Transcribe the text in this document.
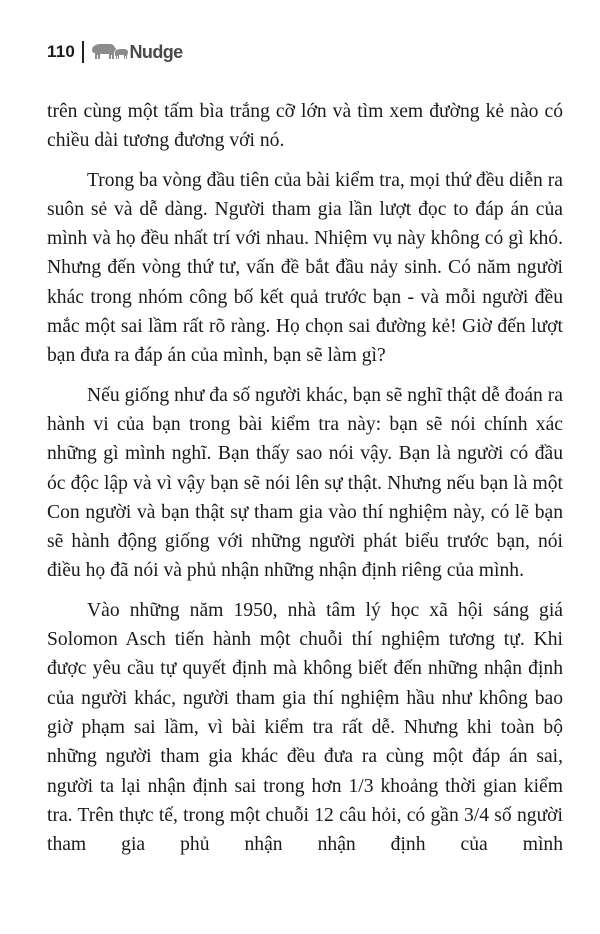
110	Nudge

trên cùng một tấm bìa trắng cỡ lớn và tìm xem đường kẻ nào có chiều dài tương đương với nó.

Trong ba vòng đầu tiên của bài kiểm tra, mọi thứ đều diễn ra suôn sẻ và dễ dàng. Người tham gia lần lượt đọc to đáp án của mình và họ đều nhất trí với nhau. Nhiệm vụ này không có gì khó. Nhưng đến vòng thứ tư, vấn đề bắt đầu nảy sinh. Có năm người khác trong nhóm công bố kết quả trước bạn - và mỗi người đều mắc một sai lầm rất rõ ràng. Họ chọn sai đường kẻ! Giờ đến lượt bạn đưa ra đáp án của mình, bạn sẽ làm gì?

Nếu giống như đa số người khác, bạn sẽ nghĩ thật dễ đoán ra hành vi của bạn trong bài kiểm tra này: bạn sẽ nói chính xác những gì mình nghĩ. Bạn thấy sao nói vậy. Bạn là người có đầu óc độc lập và vì vậy bạn sẽ nói lên sự thật. Nhưng nếu bạn là một Con người và bạn thật sự tham gia vào thí nghiệm này, có lẽ bạn sẽ hành động giống với những người phát biểu trước bạn, nói điều họ đã nói và phủ nhận những nhận định riêng của mình.

Vào những năm 1950, nhà tâm lý học xã hội sáng giá Solomon Asch tiến hành một chuỗi thí nghiệm tương tự. Khi được yêu cầu tự quyết định mà không biết đến những nhận định của người khác, người tham gia thí nghiệm hầu như không bao giờ phạm sai lầm, vì bài kiểm tra rất dễ. Nhưng khi toàn bộ những người tham gia khác đều đưa ra cùng một đáp án sai, người ta lại nhận định sai trong hơn 1/3 khoảng thời gian kiểm tra. Trên thực tế, trong một chuỗi 12 câu hỏi, có gần 3/4 số người tham gia phủ nhận nhận định của mình
